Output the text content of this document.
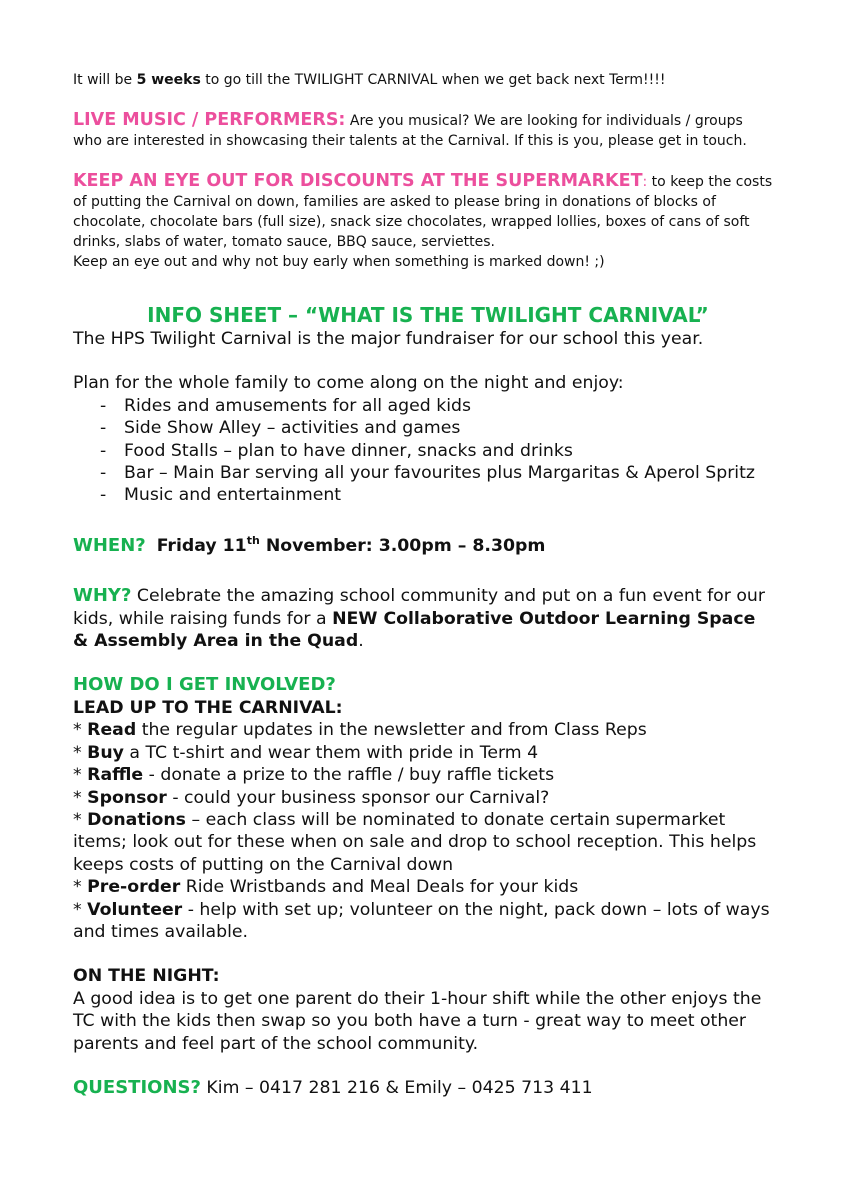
It will be 5 weeks to go till the TWILIGHT CARNIVAL when we get back next Term!!!!

LIVE MUSIC / PERFORMERS: Are you musical? We are looking for individuals / groups who are interested in showcasing their talents at the Carnival. If this is you, please get in touch.

KEEP AN EYE OUT FOR DISCOUNTS AT THE SUPERMARKET: to keep the costs of putting the Carnival on down, families are asked to please bring in donations of blocks of chocolate, chocolate bars (full size), snack size chocolates, wrapped lollies, boxes of cans of soft drinks, slabs of water, tomato sauce, BBQ sauce, serviettes.

Keep an eye out and why not buy early when something is marked down! ;)

INFO SHEET – “WHAT IS THE TWILIGHT CARNIVAL”

The HPS Twilight Carnival is the major fundraiser for our school this year.

Plan for the whole family to come along on the night and enjoy:

- Rides and amusements for all aged kids
- Side Show Alley – activities and games
- Food Stalls – plan to have dinner, snacks and drinks
- Bar – Main Bar serving all your favourites plus Margaritas & Aperol Spritz
- Music and entertainment

WHEN? Friday 11th November: 3.00pm – 8.30pm

WHY? Celebrate the amazing school community and put on a fun event for our kids, while raising funds for a NEW Collaborative Outdoor Learning Space & Assembly Area in the Quad.

HOW DO I GET INVOLVED?

LEAD UP TO THE CARNIVAL:

* Read the regular updates in the newsletter and from Class Reps

* Buy a TC t-shirt and wear them with pride in Term 4

* Raffle - donate a prize to the raffle / buy raffle tickets

* Sponsor - could your business sponsor our Carnival?

* Donations – each class will be nominated to donate certain supermarket items; look out for these when on sale and drop to school reception. This helps keeps costs of putting on the Carnival down

* Pre-order Ride Wristbands and Meal Deals for your kids

* Volunteer - help with set up; volunteer on the night, pack down – lots of ways and times available.

ON THE NIGHT:

A good idea is to get one parent do their 1-hour shift while the other enjoys the TC with the kids then swap so you both have a turn - great way to meet other parents and feel part of the school community.

QUESTIONS? Kim – 0417 281 216 & Emily – 0425 713 411
